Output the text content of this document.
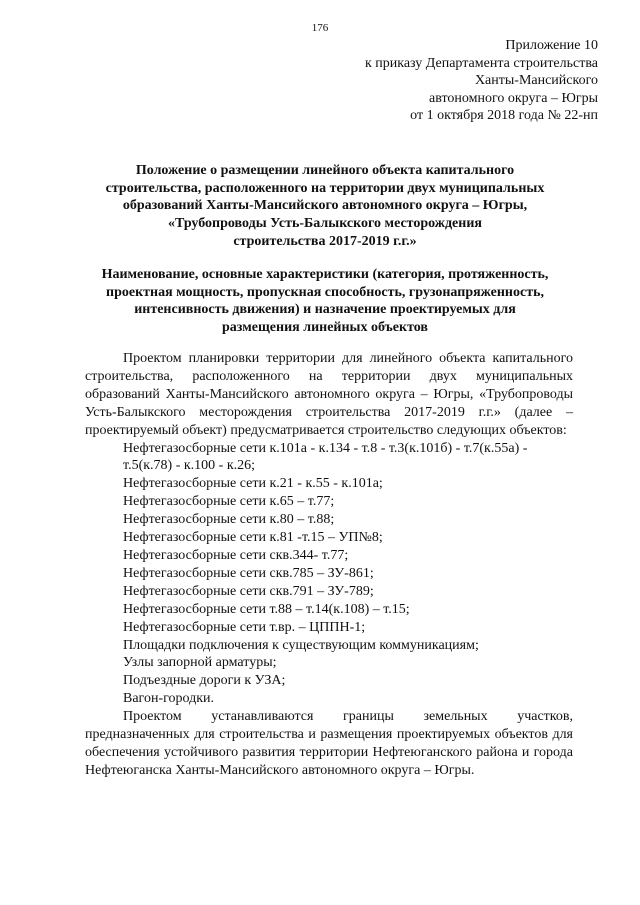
176
Приложение 10
к приказу Департамента строительства
Ханты-Мансийского
автономного округа – Югры
от 1 октября 2018 года № 22-нп
Положение о размещении линейного объекта капитального
строительства, расположенного на территории двух муниципальных
образований Ханты-Мансийского автономного округа – Югры,
«Трубопроводы Усть-Балыкского месторождения
строительства 2017-2019 г.г.»
Наименование, основные характеристики (категория, протяженность,
проектная мощность, пропускная способность, грузонапряженность,
интенсивность движения) и назначение проектируемых для
размещения линейных объектов

Проектом планировки территории для линейного объекта капитального строительства, расположенного на территории двух муниципальных образований Ханты-Мансийского автономного округа – Югры, «Трубопроводы Усть-Балыкского месторождения строительства 2017-2019 г.г.» (далее – проектируемый объект) предусматривается строительство следующих объектов:

Нефтегазосборные сети к.101а - к.134 - т.8 - т.3(к.101б) - т.7(к.55а) - т.5(к.78) - к.100 - к.26;

Нефтегазосборные сети к.21 - к.55 - к.101а;

Нефтегазосборные сети к.65 – т.77;

Нефтегазосборные сети к.80 – т.88;

Нефтегазосборные сети к.81 -т.15 – УП№8;

Нефтегазосборные сети скв.344- т.77;

Нефтегазосборные сети скв.785 – ЗУ-861;

Нефтегазосборные сети скв.791 – ЗУ-789;

Нефтегазосборные сети т.88 – т.14(к.108) – т.15;

Нефтегазосборные сети т.вр. – ЦППН-1;

Площадки подключения к существующим коммуникациям;

Узлы запорной арматуры;

Подъездные дороги к УЗА;

Вагон-городки.

Проектом устанавливаются границы земельных участков, предназначенных для строительства и размещения проектируемых объектов для обеспечения устойчивого развития территории Нефтеюганского района и города Нефтеюганска Ханты-Мансийского автономного округа – Югры.
